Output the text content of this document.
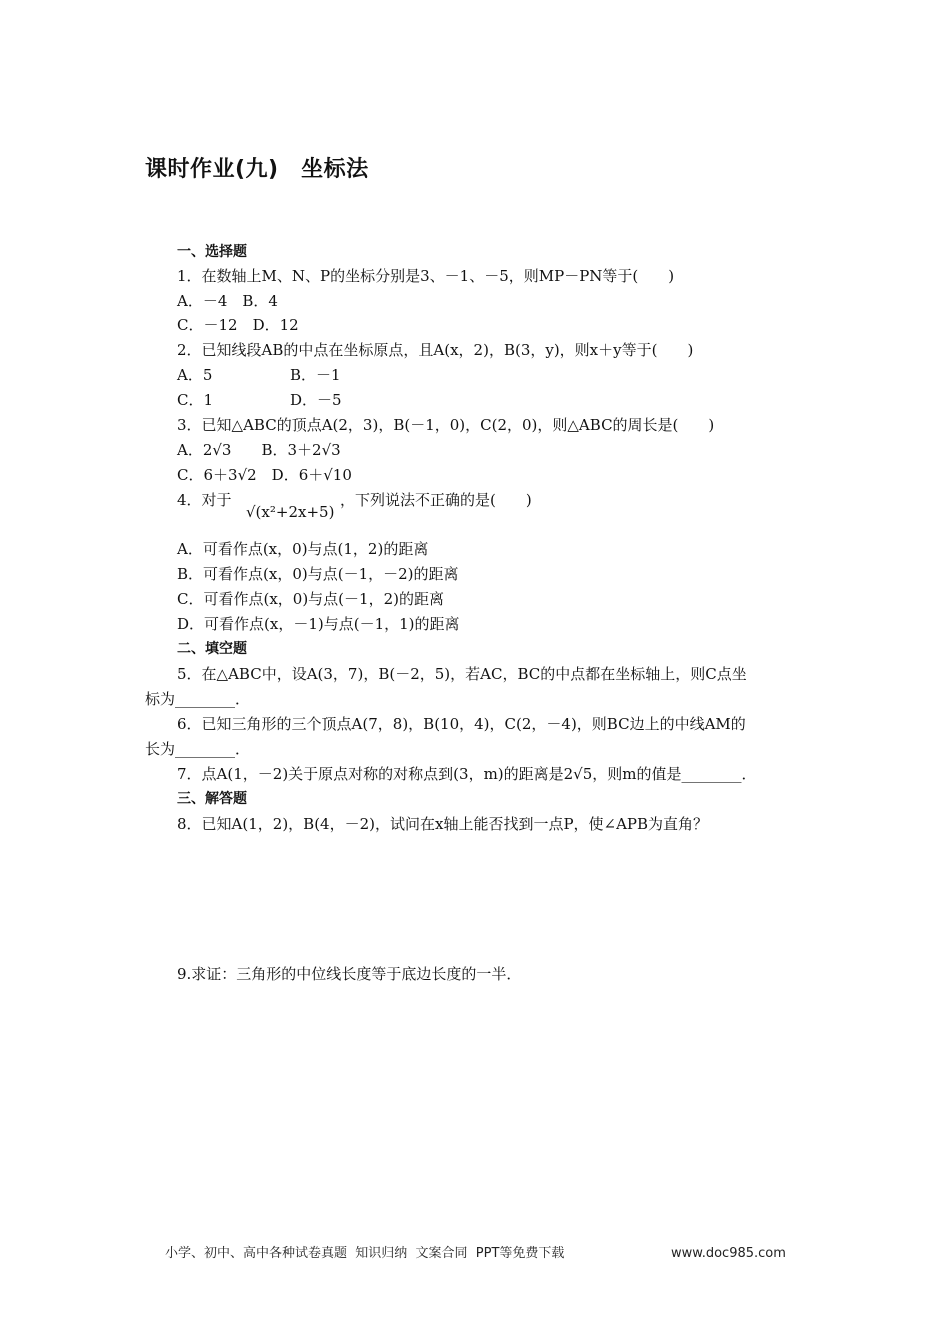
课时作业(九)　坐标法
一、选择题
1．在数轴上M、N、P的坐标分别是3、－1、－5，则MP－PN等于(　　)
A．－4　B．4
C．－12　D．12
2．已知线段AB的中点在坐标原点，且A(x，2)，B(3，y)，则x＋y等于(　　)
A．5	B．－1
C．1	D．－5
3．已知△ABC的顶点A(2，3)，B(－1，0)，C(2，0)，则△ABC的周长是(　　)
A．2√3　　B．3＋2√3
C．6＋3√2　D．6＋√10
4．对于
√(x²+2x+5)
，下列说法不正确的是(　　)
A．可看作点(x，0)与点(1，2)的距离
B．可看作点(x，0)与点(－1，－2)的距离
C．可看作点(x，0)与点(－1，2)的距离
D．可看作点(x，－1)与点(－1，1)的距离
二、填空题
5．在△ABC中，设A(3，7)，B(－2，5)，若AC，BC的中点都在坐标轴上，则C点坐
标为________．
6．已知三角形的三个顶点A(7，8)，B(10，4)，C(2，－4)，则BC边上的中线AM的
长为________．
7．点A(1，－2)关于原点对称的对称点到(3，m)的距离是2√5，则m的值是________．
三、解答题
8．已知A(1，2)，B(4，－2)，试问在x轴上能否找到一点P，使∠APB为直角？
9.求证：三角形的中位线长度等于底边长度的一半．
小学、初中、高中各种试卷真题  知识归纳  文案合同  PPT等免费下载	www.doc985.com
